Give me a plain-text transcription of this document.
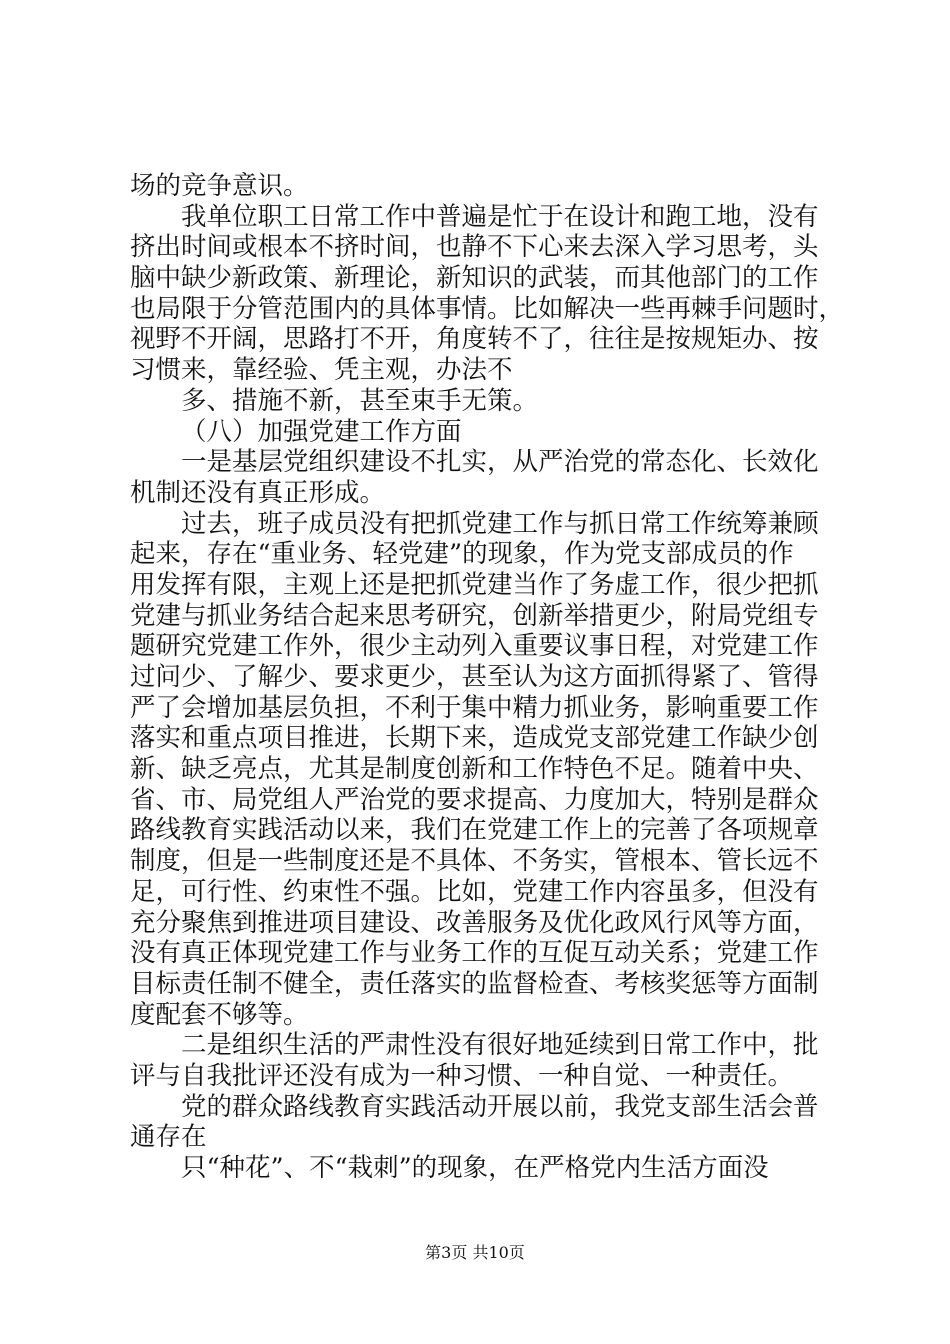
场的竞争意识。
我单位职工日常工作中普遍是忙于在设计和跑工地，没有
挤出时间或根本不挤时间，也静不下心来去深入学习思考，头
脑中缺少新政策、新理论，新知识的武装，而其他部门的工作
也局限于分管范围内的具体事情。比如解决一些再棘手问题时，
视野不开阔，思路打不开，角度转不了，往往是按规矩办、按
习惯来，靠经验、凭主观，办法不
多、措施不新，甚至束手无策。
（八）加强党建工作方面
一是基层党组织建设不扎实，从严治党的常态化、长效化
机制还没有真正形成。
过去，班子成员没有把抓党建工作与抓日常工作统筹兼顾
起来，存在“重业务、轻党建”的现象，作为党支部成员的作
用发挥有限，主观上还是把抓党建当作了务虚工作，很少把抓
党建与抓业务结合起来思考研究，创新举措更少，附局党组专
题研究党建工作外，很少主动列入重要议事日程，对党建工作
过问少、了解少、要求更少，甚至认为这方面抓得紧了、管得
严了会增加基层负担，不利于集中精力抓业务，影响重要工作
落实和重点项目推进，长期下来，造成党支部党建工作缺少创
新、缺乏亮点，尤其是制度创新和工作特色不足。随着中央、
省、市、局党组人严治党的要求提高、力度加大，特别是群众
路线教育实践活动以来，我们在党建工作上的完善了各项规章
制度，但是一些制度还是不具体、不务实，管根本、管长远不
足，可行性、约束性不强。比如，党建工作内容虽多，但没有
充分聚焦到推进项目建设、改善服务及优化政风行风等方面，
没有真正体现党建工作与业务工作的互促互动关系；党建工作
目标责任制不健全，责任落实的监督检查、考核奖惩等方面制
度配套不够等。
二是组织生活的严肃性没有很好地延续到日常工作中，批
评与自我批评还没有成为一种习惯、一种自觉、一种责任。
党的群众路线教育实践活动开展以前，我党支部生活会普
通存在
只“种花”、不“栽刺”的现象，在严格党内生活方面没
第3页 共10页
